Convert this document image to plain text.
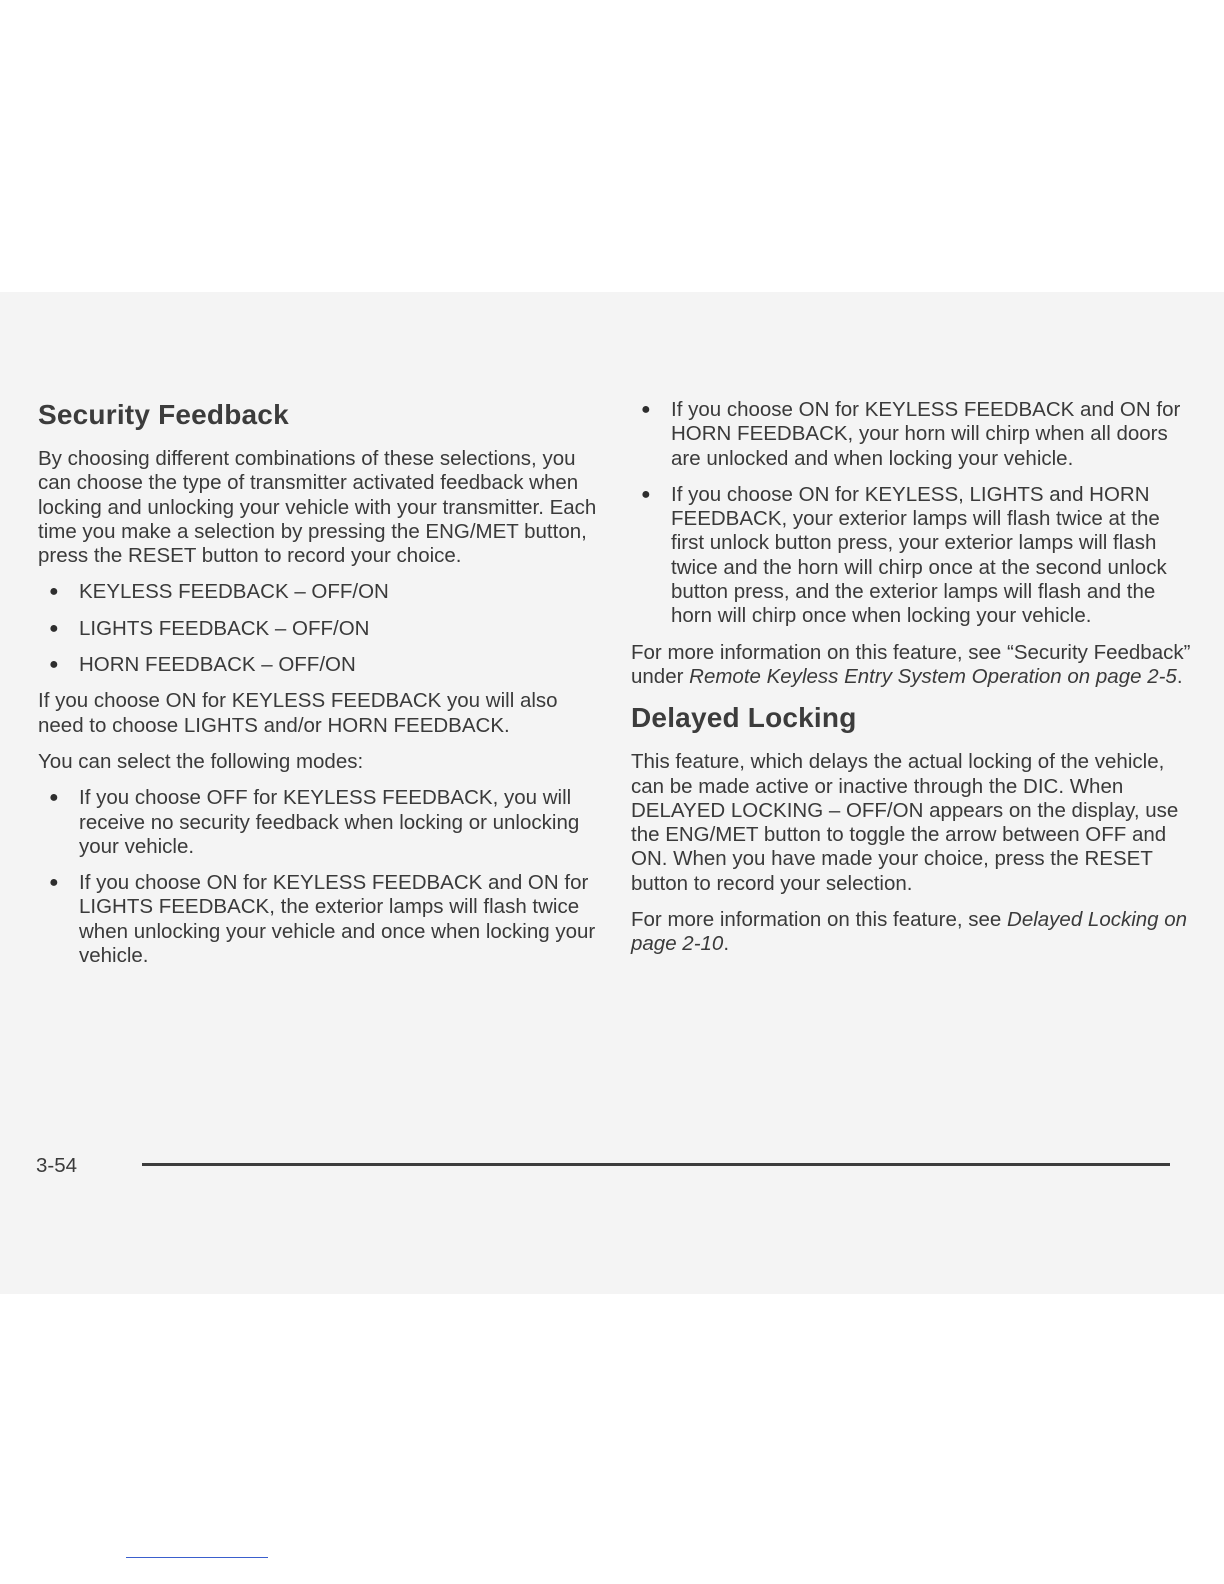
Security Feedback

By choosing different combinations of these selections, you can choose the type of transmitter activated feedback when locking and unlocking your vehicle with your transmitter. Each time you make a selection by pressing the ENG/MET button, press the RESET button to record your choice.

● KEYLESS FEEDBACK – OFF/ON
● LIGHTS FEEDBACK – OFF/ON
● HORN FEEDBACK – OFF/ON

If you choose ON for KEYLESS FEEDBACK you will also need to choose LIGHTS and/or HORN FEEDBACK.

You can select the following modes:

● If you choose OFF for KEYLESS FEEDBACK, you will receive no security feedback when locking or unlocking your vehicle.
● If you choose ON for KEYLESS FEEDBACK and ON for LIGHTS FEEDBACK, the exterior lamps will flash twice when unlocking your vehicle and once when locking your vehicle.
● If you choose ON for KEYLESS FEEDBACK and ON for HORN FEEDBACK, your horn will chirp when all doors are unlocked and when locking your vehicle.
● If you choose ON for KEYLESS, LIGHTS and HORN FEEDBACK, your exterior lamps will flash twice at the first unlock button press, your exterior lamps will flash twice and the horn will chirp once at the second unlock button press, and the exterior lamps will flash and the horn will chirp once when locking your vehicle.

For more information on this feature, see “Security Feedback” under Remote Keyless Entry System Operation on page 2-5.

Delayed Locking

This feature, which delays the actual locking of the vehicle, can be made active or inactive through the DIC. When DELAYED LOCKING – OFF/ON appears on the display, use the ENG/MET button to toggle the arrow between OFF and ON. When you have made your choice, press the RESET button to record your selection.

For more information on this feature, see Delayed Locking on page 2-10.

3-54
